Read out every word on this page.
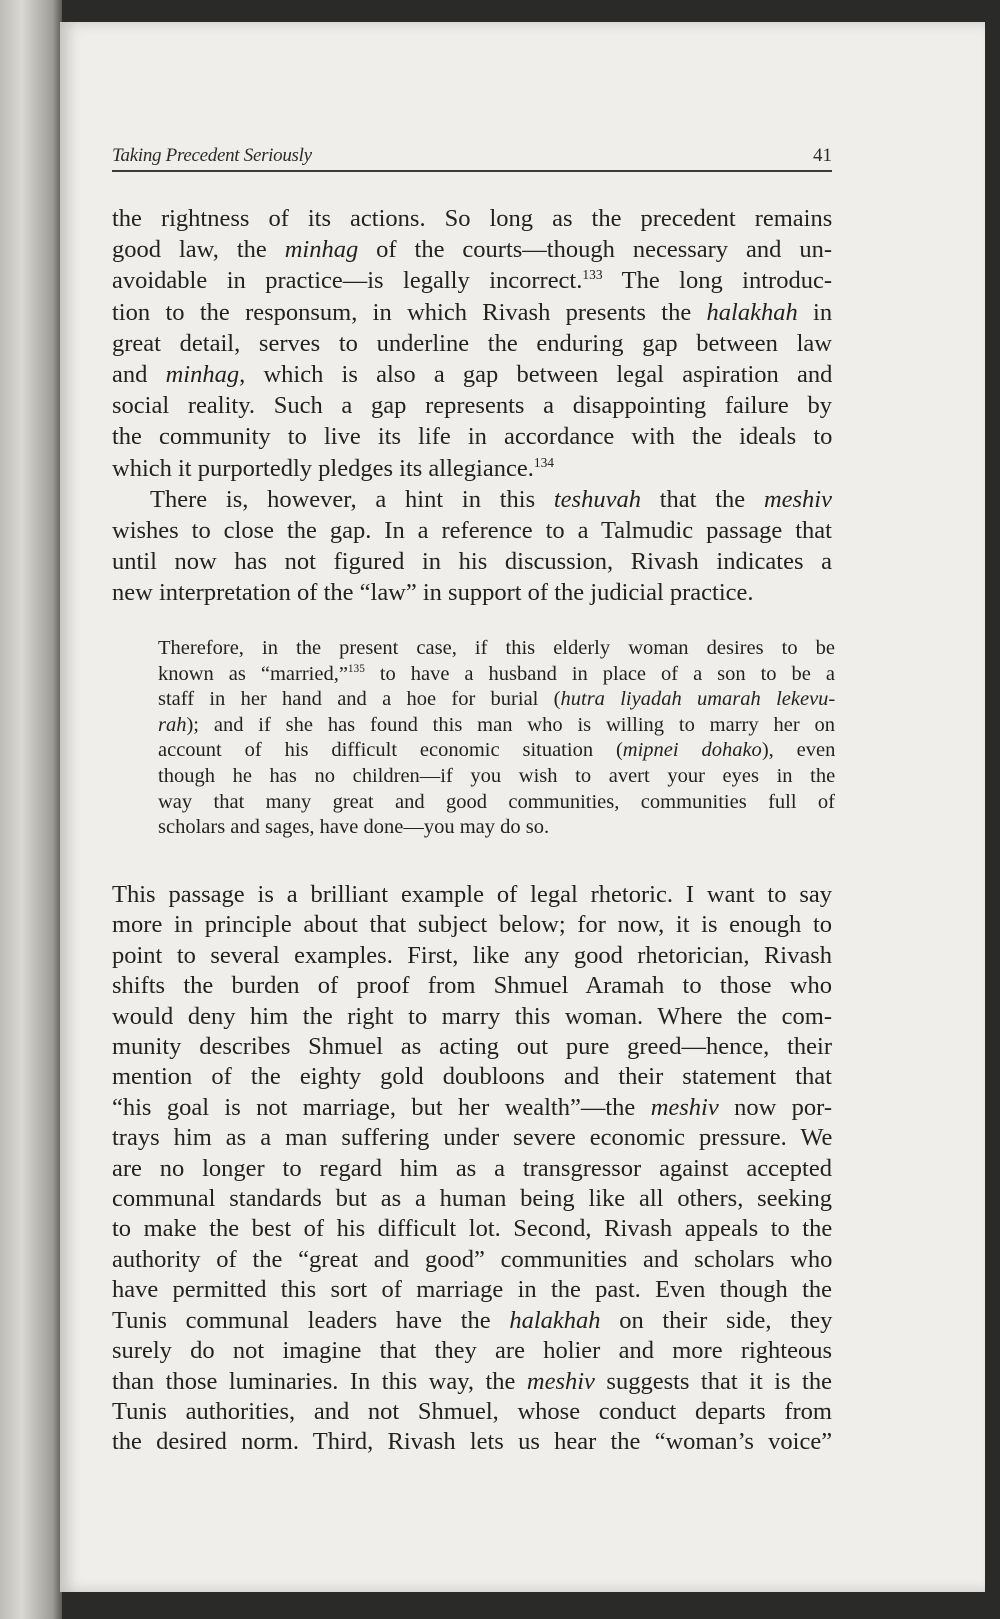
Taking Precedent Seriously	41
the rightness of its actions. So long as the precedent remains
good law, the minhag of the courts—though necessary and un-
avoidable in practice—is legally incorrect.$^{133}$ The long introduc-
tion to the responsum, in which Rivash presents the halakhah in
great detail, serves to underline the enduring gap between law
and minhag, which is also a gap between legal aspiration and
social reality. Such a gap represents a disappointing failure by
the community to live its life in accordance with the ideals to
which it purportedly pledges its allegiance.$^{134}$
There is, however, a hint in this teshuvah that the meshiv
wishes to close the gap. In a reference to a Talmudic passage that
until now has not figured in his discussion, Rivash indicates a
new interpretation of the “law” in support of the judicial practice.
Therefore, in the present case, if this elderly woman desires to be
known as “married,”$^{135}$ to have a husband in place of a son to be a
staff in her hand and a hoe for burial (hutra liyadah umarah lekevu-
rah); and if she has found this man who is willing to marry her on
account of his difficult economic situation (mipnei dohako), even
though he has no children—if you wish to avert your eyes in the
way that many great and good communities, communities full of
scholars and sages, have done—you may do so.
This passage is a brilliant example of legal rhetoric. I want to say
more in principle about that subject below; for now, it is enough to
point to several examples. First, like any good rhetorician, Rivash
shifts the burden of proof from Shmuel Aramah to those who
would deny him the right to marry this woman. Where the com-
munity describes Shmuel as acting out pure greed—hence, their
mention of the eighty gold doubloons and their statement that
“his goal is not marriage, but her wealth”—the meshiv now por-
trays him as a man suffering under severe economic pressure. We
are no longer to regard him as a transgressor against accepted
communal standards but as a human being like all others, seeking
to make the best of his difficult lot. Second, Rivash appeals to the
authority of the “great and good” communities and scholars who
have permitted this sort of marriage in the past. Even though the
Tunis communal leaders have the halakhah on their side, they
surely do not imagine that they are holier and more righteous
than those luminaries. In this way, the meshiv suggests that it is the
Tunis authorities, and not Shmuel, whose conduct departs from
the desired norm. Third, Rivash lets us hear the “woman’s voice”
